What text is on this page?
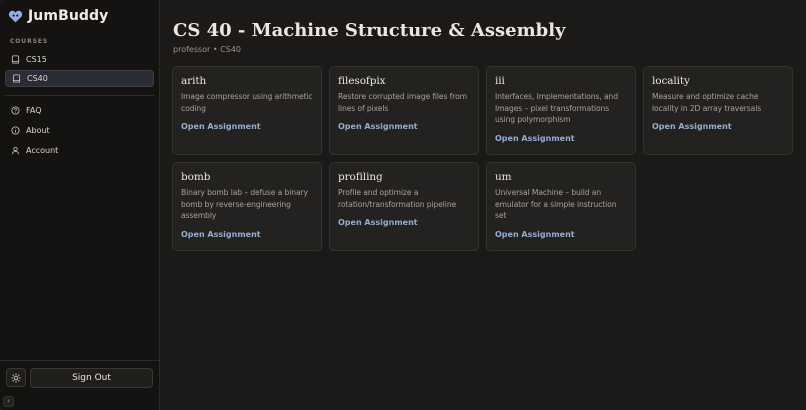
JumBuddy
COURSES
CS15
CS40
FAQ
About
Account
Sign Out
‹
CS 40 - Machine Structure & Assembly
professor • CS40
arith
Image compressor using arithmetic coding
Open Assignment
filesofpix
Restore corrupted image files from lines of pixels
Open Assignment
iii
Interfaces, Implementations, and Images – pixel transformations using polymorphism
Open Assignment
locality
Measure and optimize cache locality in 2D array traversals
Open Assignment
bomb
Binary bomb lab – defuse a binary bomb by reverse-engineering assembly
Open Assignment
profiling
Profile and optimize a rotation/transformation pipeline
Open Assignment
um
Universal Machine – build an emulator for a simple instruction set
Open Assignment
